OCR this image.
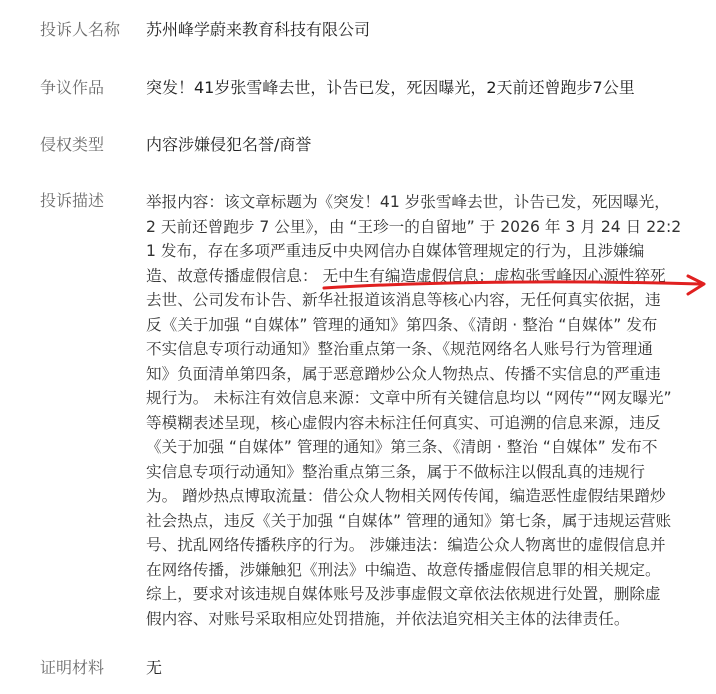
投诉人名称 苏州峰学蔚来教育科技有限公司
争议作品	突发！41岁张雪峰去世，讣告已发，死因曝光，2天前还曾跑步7公里
侵权类型	内容涉嫌侵犯名誉/商誉
投诉描述	举报内容：该文章标题为《突发！41 岁张雪峰去世，讣告已发，死因曝光，
2 天前还曾跑步 7 公里》，由 “王珍一的自留地” 于 2026 年 3 月 24 日 22:2
1 发布，存在多项严重违反中央网信办自媒体管理规定的行为，且涉嫌编
造、故意传播虚假信息： 无中生有编造虚假信息：虚构张雪峰因心源性猝死
去世、公司发布讣告、新华社报道该消息等核心内容，无任何真实依据，违
反《关于加强 “自媒体” 管理的通知》第四条、《清朗 · 整治 “自媒体” 发布
不实信息专项行动通知》整治重点第一条、《规范网络名人账号行为管理通
知》负面清单第四条，属于恶意蹭炒公众人物热点、传播不实信息的严重违
规行为。 未标注有效信息来源：文章中所有关键信息均以 “网传”“网友曝光”
等模糊表述呈现，核心虚假内容未标注任何真实、可追溯的信息来源，违反
《关于加强 “自媒体” 管理的通知》第三条、《清朗 · 整治 “自媒体” 发布不
实信息专项行动通知》整治重点第三条，属于不做标注以假乱真的违规行
为。 蹭炒热点博取流量：借公众人物相关网传传闻，编造恶性虚假结果蹭炒
社会热点，违反《关于加强 “自媒体” 管理的通知》第七条，属于违规运营账
号、扰乱网络传播秩序的行为。 涉嫌违法：编造公众人物离世的虚假信息并
在网络传播，涉嫌触犯《刑法》中编造、故意传播虚假信息罪的相关规定。
综上，要求对该违规自媒体账号及涉事虚假文章依法依规进行处置，删除虚
假内容、对账号采取相应处罚措施，并依法追究相关主体的法律责任。
证明材料	无
